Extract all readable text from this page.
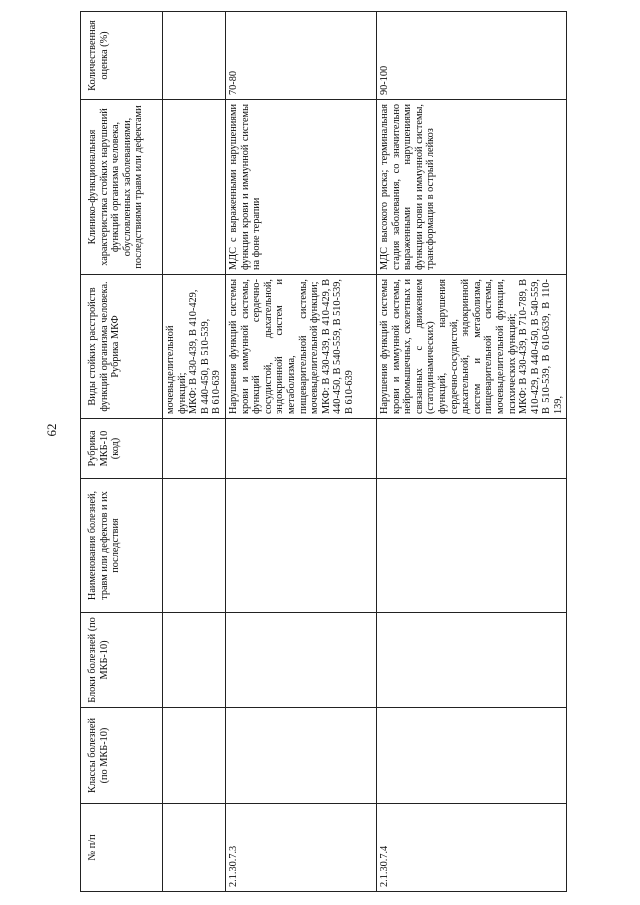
62
№ п/п	Классы болезней (по МКБ-10)	Блоки болезней (по МКБ-10)	Наименования болезней, травм или дефектов и их последствия	Рубрика МКБ-10 (код)	Виды стойких расстройств функций организма человека. Рубрика МКФ	Клинико-функциональная характеристика стойких нарушений функций организма человека, обусловленных заболеваниями, последствиями травм или дефектами	Количественная оценка (%)
					мочевыделительной
функций;
МКФ: В 430-439, В 410-429,
В 440-450, В 510-539,
В 610-639		
2.1.30.7.3					Нарушения функций системы крови и иммунной системы, функций сердечно-сосудистой, дыхательной, эндокринной систем и метаболизма, пищеварительной системы, мочевыделительной функции;
МКФ: В 430-439, В 410-429, В 440-450, В 540-559, В 510-539, В 610-639	МДС с выраженными нарушениями функции крови и иммунной системы на фоне терапии	70-80
2.1.30.7.4					Нарушения функций системы крови и иммунной системы, нейромышечных, скелетных и связанных с движением (статодинамических) функций, нарушения сердечно-сосудистой, дыхательной, эндокринной систем и метаболизма, пищеварительной системы, мочевыделительной функции, психических функций;
МКФ: В 430-439, В 710-789, В 410-429, В 440-450, В 540-559, В 510-539, В 610-639, В 110-139,	МДС высокого риска; терминальная стадия заболевания, со значительно выраженными нарушениями функции крови и иммунной системы, трансформация в острый лейкоз	90-100
